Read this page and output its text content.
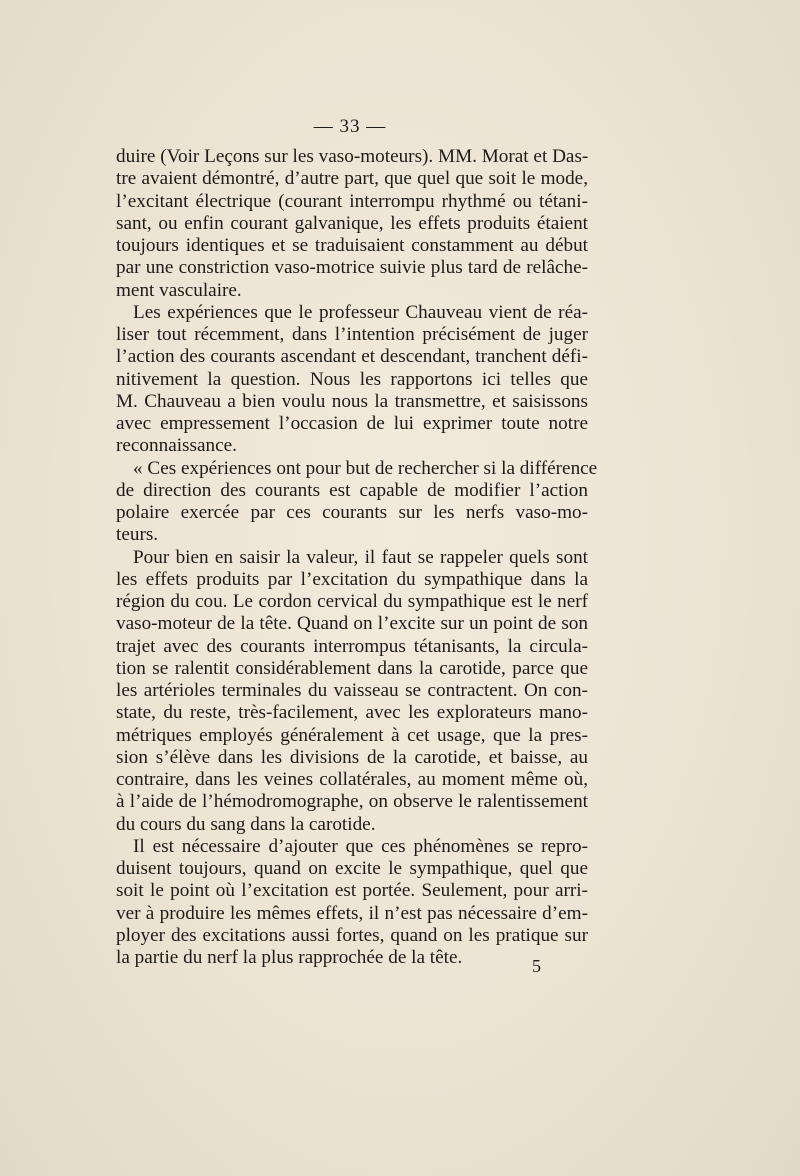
— 33 —
duire (Voir Leçons sur les vaso-moteurs). MM. Morat et Das-
tre avaient démontré, d’autre part, que quel que soit le mode,
l’excitant électrique (courant interrompu rhythmé ou tétani-
sant, ou enfin courant galvanique, les effets produits étaient
toujours identiques et se traduisaient constamment au début
par une constriction vaso-motrice suivie plus tard de relâche-
ment vasculaire.
Les expériences que le professeur Chauveau vient de réa-
liser tout récemment, dans l’intention précisément de juger
l’action des courants ascendant et descendant, tranchent défi-
nitivement la question. Nous les rapportons ici telles que
M. Chauveau a bien voulu nous la transmettre, et saisissons
avec empressement l’occasion de lui exprimer toute notre
reconnaissance.
« Ces expériences ont pour but de rechercher si la différence
de direction des courants est capable de modifier l’action
polaire exercée par ces courants sur les nerfs vaso-mo-
teurs.
Pour bien en saisir la valeur, il faut se rappeler quels sont
les effets produits par l’excitation du sympathique dans la
région du cou. Le cordon cervical du sympathique est le nerf
vaso-moteur de la tête. Quand on l’excite sur un point de son
trajet avec des courants interrompus tétanisants, la circula-
tion se ralentit considérablement dans la carotide, parce que
les artérioles terminales du vaisseau se contractent. On con-
state, du reste, très-facilement, avec les explorateurs mano-
métriques employés généralement à cet usage, que la pres-
sion s’élève dans les divisions de la carotide, et baisse, au
contraire, dans les veines collatérales, au moment même où,
à l’aide de l’hémodromographe, on observe le ralentissement
du cours du sang dans la carotide.
Il est nécessaire d’ajouter que ces phénomènes se repro-
duisent toujours, quand on excite le sympathique, quel que
soit le point où l’excitation est portée. Seulement, pour arri-
ver à produire les mêmes effets, il n’est pas nécessaire d’em-
ployer des excitations aussi fortes, quand on les pratique sur
la partie du nerf la plus rapprochée de la tête.	5
